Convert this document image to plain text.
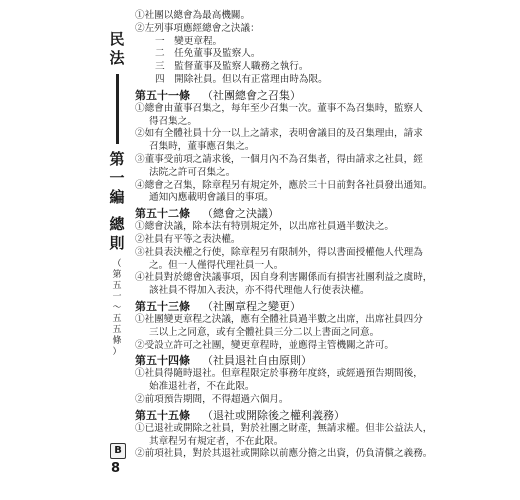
民
法
第
一
編
總
則
（
第
五
一
～
五
五
條
）
B
8
①社團以總會為最高機關。
②左列事項應經總會之決議：
一　變更章程。
二　任免董事及監察人。
三　監督董事及監察人職務之執行。
四　開除社員。但以有正當理由時為限。
第五十一條 （社團總會之召集）
①總會由董事召集之，每年至少召集一次。董事不為召集時，監察人
得召集之。
②如有全體社員十分一以上之請求，表明會議目的及召集理由，請求
召集時，董事應召集之。
③董事受前項之請求後，一個月內不為召集者，得由請求之社員，經
法院之許可召集之。
④總會之召集，除章程另有規定外，應於三十日前對各社員發出通知。
通知內應載明會議目的事項。
第五十二條 （總會之決議）
①總會決議，除本法有特別規定外，以出席社員過半數決之。
②社員有平等之表決權。
③社員表決權之行使，除章程另有限制外，得以書面授權他人代理為
之。但一人僅得代理社員一人。
④社員對於總會決議事項，因自身利害關係而有損害社團利益之虞時，
該社員不得加入表決，亦不得代理他人行使表決權。
第五十三條 （社團章程之變更）
①社團變更章程之決議，應有全體社員過半數之出席，出席社員四分
三以上之同意，或有全體社員三分二以上書面之同意。
②受設立許可之社團，變更章程時，並應得主管機關之許可。
第五十四條 （社員退社自由原則）
①社員得隨時退社。但章程限定於事務年度終，或經過預告期間後，
始准退社者，不在此限。
②前項預告期間，不得超過六個月。
第五十五條 （退社或開除後之權利義務）
①已退社或開除之社員，對於社團之財產，無請求權。但非公益法人，
其章程另有規定者，不在此限。
②前項社員，對於其退社或開除以前應分擔之出資，仍負清償之義務。
